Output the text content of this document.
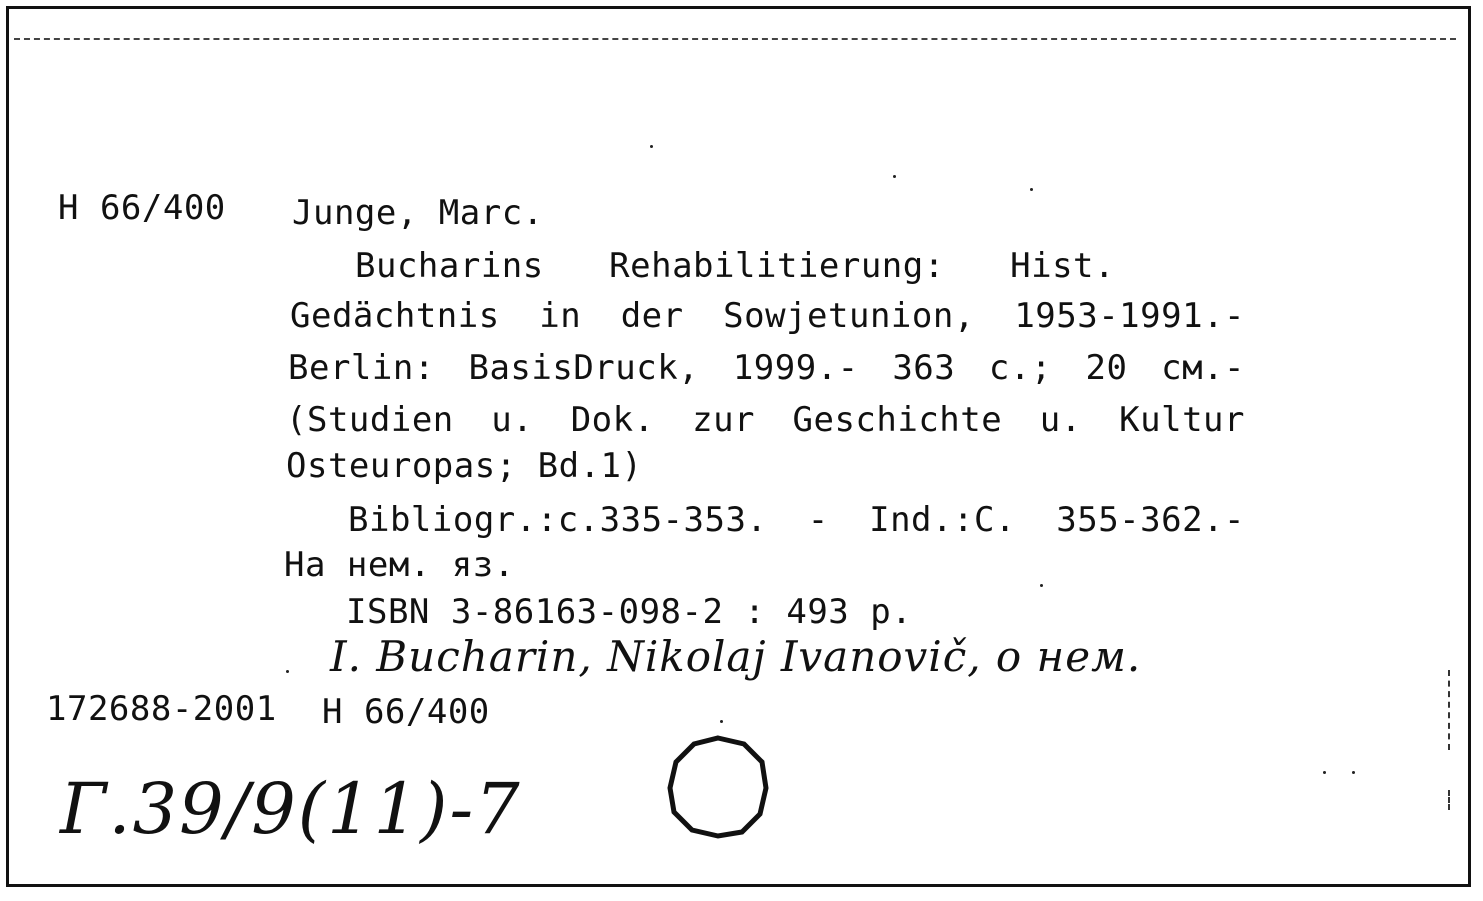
H 66/400 Junge, Marc.
Bucharins Rehabilitierung: Hist.
Gedächtnis in der Sowjetunion, 1953-1991.-
Berlin: BasisDruck, 1999.- 363 c.; 20 cм.-
(Studien u. Dok. zur Geschichte u. Kultur
Osteuropas; Bd.1)
Bibliogr.:c.335-353. - Ind.:C. 355-362.-
На нем. яз.
ISBN 3-86163-098-2 : 493 p.
I. Bucharin, Nikolaj Ivanovič, о нем.
172688-2001 H 66/400
Г.39/9(11)-7
